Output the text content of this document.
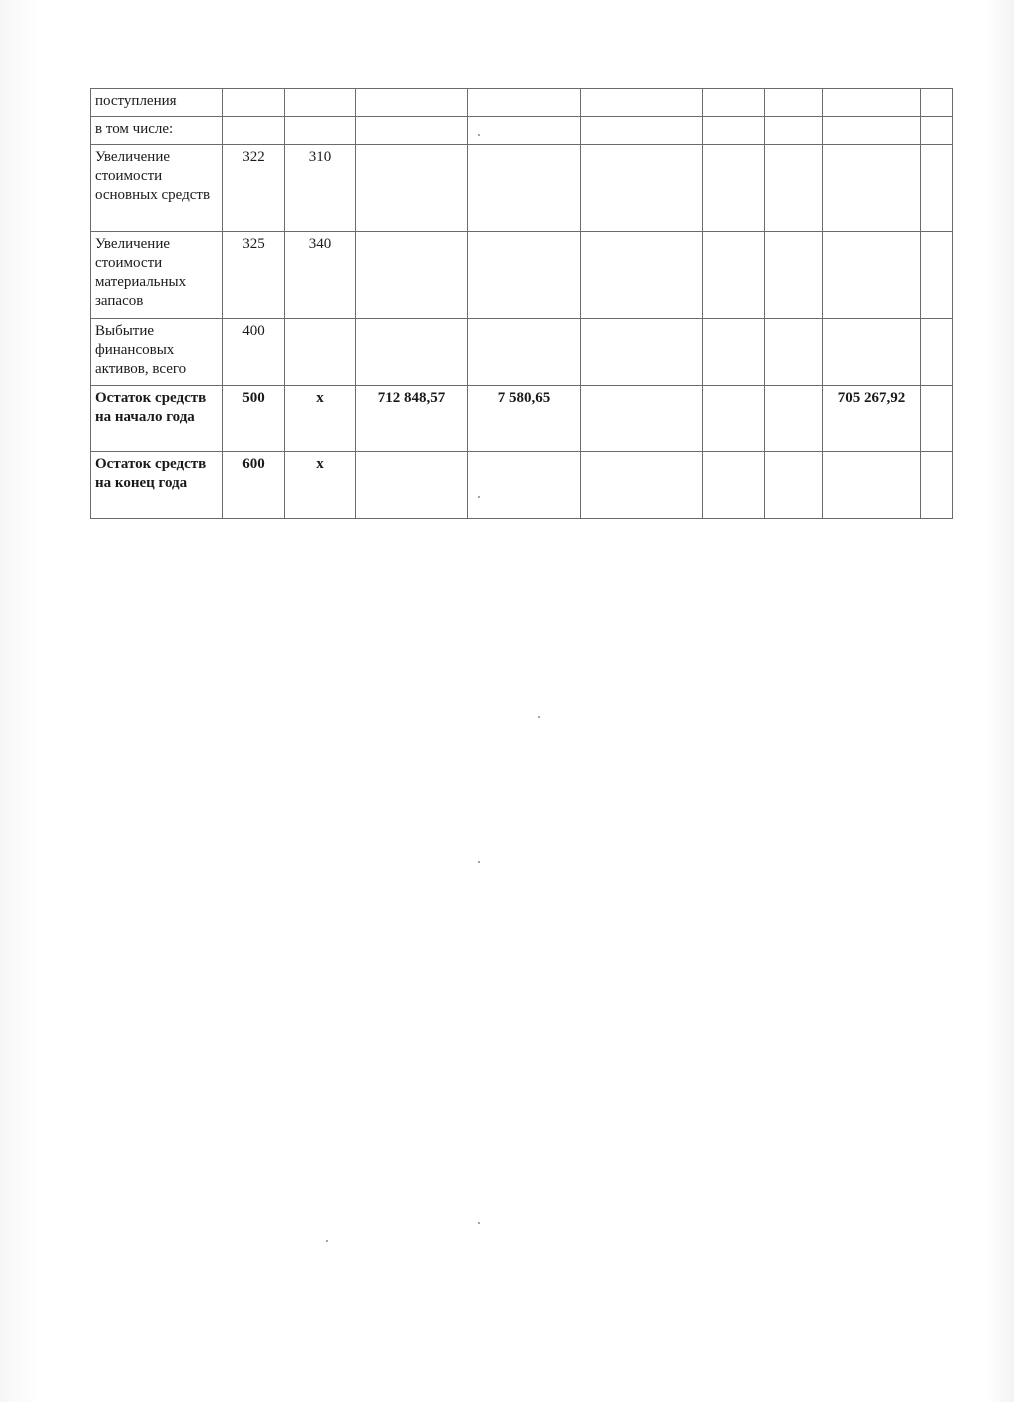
поступления									
в том числе:									
Увеличение стоимости основных средств	322	310							
Увеличение стоимости материальных запасов	325	340							
Выбытие финансовых активов, всего	400								
Остаток средств на начало года	500	х	712 848,57	7 580,65				705 267,92	
Остаток средств на конец года	600	х							
